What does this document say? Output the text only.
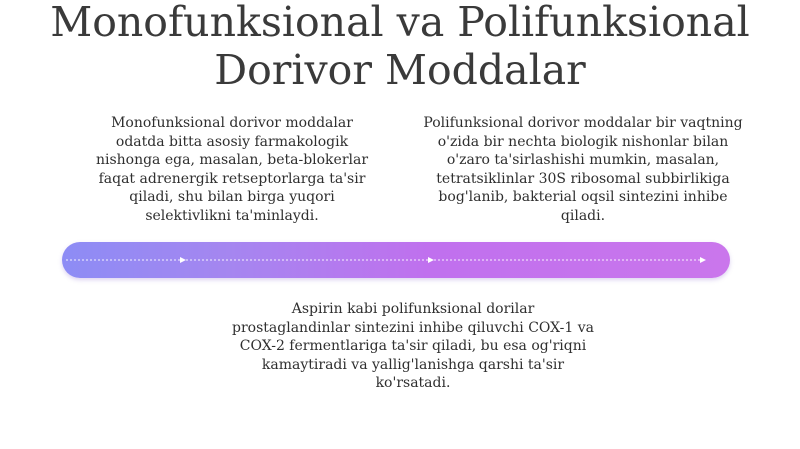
Monofunksional va Polifunksional Dorivor Moddalar

Monofunksional dorivor moddalar odatda bitta asosiy farmakologik nishonga ega, masalan, beta-blokerlar faqat adrenergik retseptorlarga ta'sir qiladi, shu bilan birga yuqori selektivlikni ta'minlaydi.

Polifunksional dorivor moddalar bir vaqtning o'zida bir nechta biologik nishonlar bilan o'zaro ta'sirlashishi mumkin, masalan, tetratsiklinlar 30S ribosomal subbirlikiga bog'lanib, bakterial oqsil sintezini inhibe qiladi.

Aspirin kabi polifunksional dorilar prostaglandinlar sintezini inhibe qiluvchi COX-1 va COX-2 fermentlariga ta'sir qiladi, bu esa og'riqni kamaytiradi va yallig'lanishga qarshi ta'sir ko'rsatadi.
